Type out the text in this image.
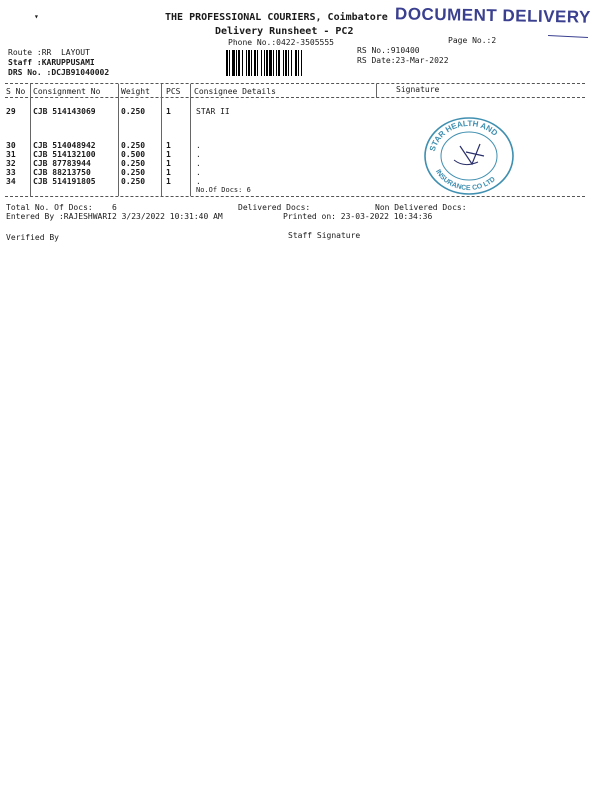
▾	THE PROFESSIONAL COURIERS, Coimbatore
Delivery Runsheet - PC2
Phone No.:0422-3505555	Page No.:2
DOCUMENT DELIVERY
Route :RR  LAYOUT
Staff :KARUPPUSAMI
DRS No. :DCJB91040002
RS No.:910400
RS Date:23-Mar-2022
S No Consignment No	Weight PCS Consignee Details	Signature
29 CJB 514143069	0.250	1	STAR II
30 CJB 514048942	0.250	1	.
31 CJB 514132100	0.500	1	.
32 CJB 87783944	0.250	1	.
33 CJB 88213750	0.250	1	.
34 CJB 514191805	0.250	1	.
No.Of Docs: 6
STAR HEALTH AND
INSURANCE CO LTD
Total No. Of Docs:    6	Delivered Docs:	Non Delivered Docs:
Entered By :RAJESHWARI2 3/23/2022 10:31:40 AM	Printed on: 23-03-2022 10:34:36
Verified By	Staff Signature
